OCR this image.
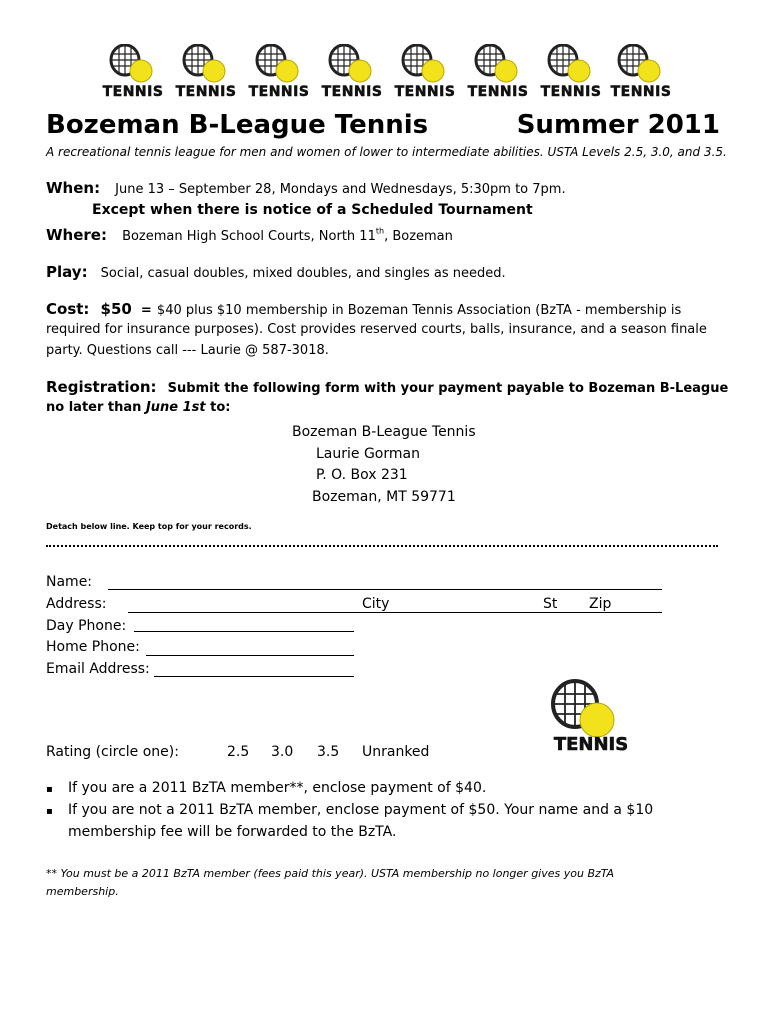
TENNIS TENNIS TENNIS TENNIS TENNIS TENNIS TENNIS TENNIS
Bozeman B-League Tennis	Summer 2011
A recreational tennis league for men and women of lower to intermediate abilities. USTA Levels 2.5, 3.0, and 3.5.
When: June 13 – September 28, Mondays and Wednesdays, 5:30pm to 7pm.
Except when there is notice of a Scheduled Tournament
Where: Bozeman High School Courts, North 11th, Bozeman
Play: Social, casual doubles, mixed doubles, and singles as needed.
Cost: $50 = $40 plus $10 membership in Bozeman Tennis Association (BzTA - membership is
required for insurance purposes). Cost provides reserved courts, balls, insurance, and a season finale
party. Questions call --- Laurie @ 587-3018.
Registration: Submit the following form with your payment payable to Bozeman B-League
no later than June 1st to:
Bozeman B-League Tennis
Laurie Gorman
P. O. Box 231
Bozeman, MT 59771
Detach below line. Keep top for your records.
Name:
Address:	City	St Zip
Day Phone:
Home Phone:
Email Address:
TENNIS
Rating (circle one):	2.5 3.0 3.5 Unranked
▪ If you are a 2011 BzTA member**, enclose payment of $40.
▪ If you are not a 2011 BzTA member, enclose payment of $50. Your name and a $10
membership fee will be forwarded to the BzTA.
** You must be a 2011 BzTA member (fees paid this year). USTA membership no longer gives you BzTA
membership.
